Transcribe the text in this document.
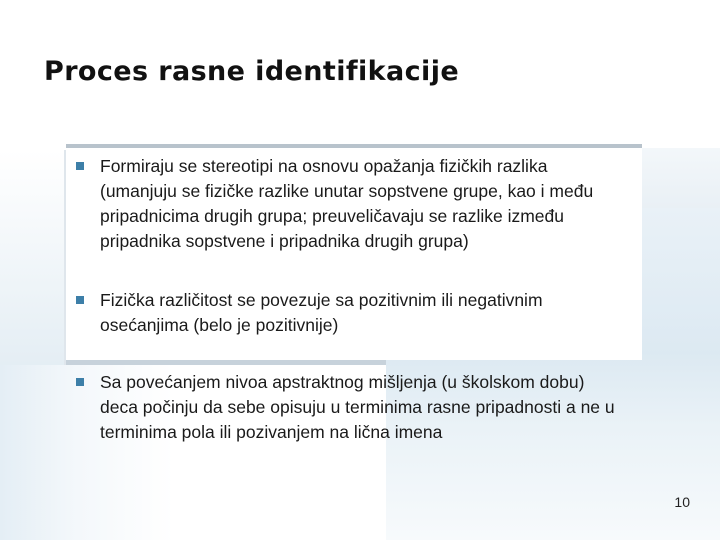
Proces rasne identifikacije
Formiraju se stereotipi na osnovu opažanja fizičkih razlika
(umanjuju se fizičke razlike unutar sopstvene grupe, kao i među
pripadnicima drugih grupa; preuveličavaju se razlike između
pripadnika sopstvene i pripadnika drugih grupa)
Fizička različitost se povezuje sa pozitivnim ili negativnim
osećanjima (belo je pozitivnije)
Sa povećanjem nivoa apstraktnog mišljenja (u školskom dobu)
deca počinju da sebe opisuju u terminima rasne pripadnosti a ne u
terminima pola ili pozivanjem na lična imena
10
